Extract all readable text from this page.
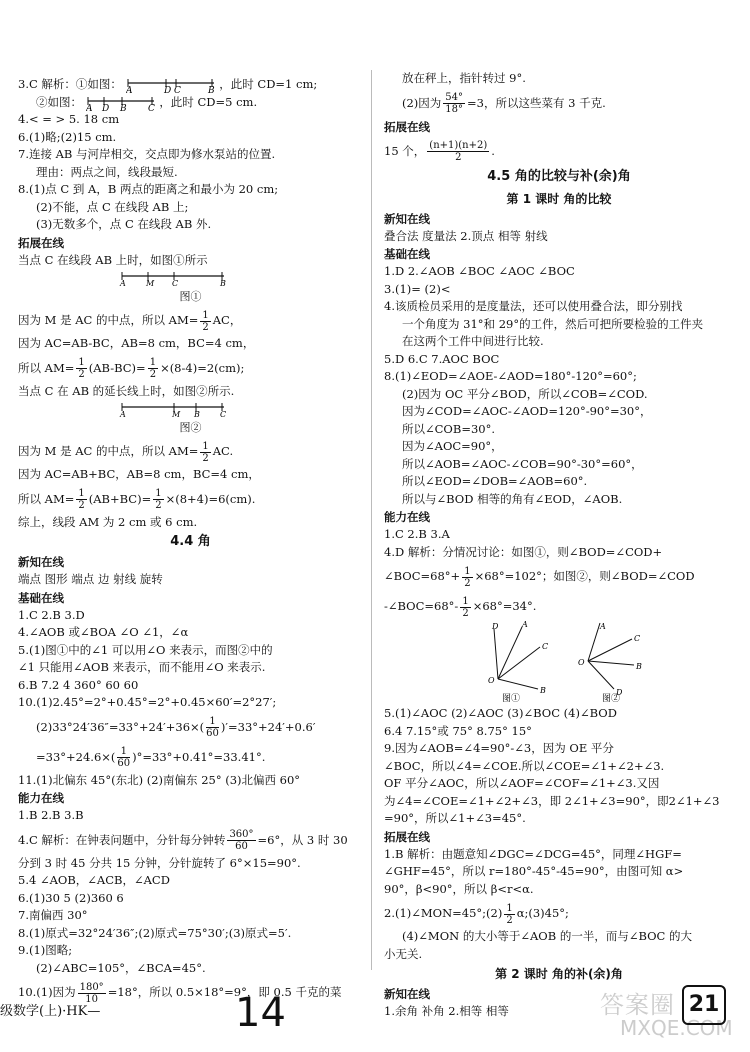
3.C 解析：①如图： A	D C	B ，此时 CD=1 cm;
②如图： A D B C ，此时 CD=5 cm.
4.< = > 5. 18 cm
6.(1)略;(2)15 cm.
7.连接 AB 与河岸相交，交点即为修水泵站的位置.
理由：两点之间，线段最短.
8.(1)点 C 到 A，B 两点的距离之和最小为 20 cm;
(2)不能，点 C 在线段 AB 上;
(3)无数多个，点 C 在线段 AB 外.
拓展在线
当点 C 在线段 AB 上时，如图①所示
A	M C	B
图①
因为 M 是 AC 的中点，所以 $AM= \frac{1}{2}$ AC，
因为 AC=AB-BC，AB=8 cm，BC=4 cm，
所以 $AM= \frac{1}{2} (AB-BC)= \frac{1}{2} \times(8-4)=2(cm)$;
当点 C 在 AB 的延长线上时，如图②所示.
A	M B	C
图②
因为 M 是 AC 的中点，所以 $AM= \frac{1}{2}$ AC.
因为 AC=AB+BC，AB=8 cm，BC=4 cm，
所以 $AM= \frac{1}{2} (AB+BC)= \frac{1}{2} \times(8+4)=6(cm)$.
综上，线段 AM 为 2 cm 或 6 cm.
4.4 角
新知在线
端点 图形 端点 边 射线 旋转
基础在线
1.C 2.B 3.D
4.∠AOB 或∠BOA ∠O ∠1，∠α
5.(1)图①中的∠1 可以用∠O 来表示，而图②中的
∠1 只能用∠AOB 来表示，而不能用∠O 来表示.
6.B 7.2 4 360° 60 60
10.(1)2.45°=2°+0.45°=2°+0.45×60′=2°27′;
$(2)33^\circ 24'36''=33^\circ+24'+36\times( \frac{1}{60} )'=33^\circ+24'+0.6'$
$=33^\circ+24.6\times( \frac{1}{60} )^\circ=33^\circ+0.41^\circ=33.41^\circ$.
11.(1)北偏东 45°(东北) (2)南偏东 25° (3)北偏西 60°
能力在线
1.B 2.B 3.B
4.C 解析：在钟表问题中，分针每分钟转 $\frac{360^\circ}{60} =6^\circ$，从 3 时 30
分到 3 时 45 分共 15 分钟，分针旋转了 6°×15=90°.
5.4 ∠AOB，∠ACB，∠ACD
6.(1)30 5 (2)360 6
7.南偏西 30°
8.(1)原式=32°24′36″;(2)原式=75°30′;(3)原式=5′.
9.(1)图略;
(2)∠ABC=105°，∠BCA=45°.
10.(1)因为 $\frac{180^\circ}{10} =18^\circ$，所以 0.5×18°=9°，即 0.5 千克的菜
放在秤上，指针转过 9°.
(2)因为 $\frac{54^\circ}{18^\circ} =3$，所以这些菜有 3 千克.
拓展在线
15 个， $\frac{(n+1)(n+2)}{2}$ .
4.5 角的比较与补(余)角
第 1 课时 角的比较
新知在线
叠合法 度量法 2.顶点 相等 射线
基础在线
1.D 2.∠AOB ∠BOC ∠AOC ∠BOC
3.(1)= (2)<
4.该质检员采用的是度量法，还可以使用叠合法，即分别找
一个角度为 31°和 29°的工件，然后可把所要检验的工件夹
在这两个工件中间进行比较.
5.D 6.C 7.AOC BOC
8.(1)∠EOD=∠AOE-∠AOD=180°-120°=60°;
(2)因为 OC 平分∠BOD，所以∠COB=∠COD.
因为∠COD=∠AOC-∠AOD=120°-90°=30°，
所以∠COB=30°.
因为∠AOC=90°，
所以∠AOB=∠AOC-∠COB=90°-30°=60°，
所以∠EOD=∠DOB=∠AOB=60°.
所以与∠BOD 相等的角有∠EOD，∠AOB.
能力在线
1.C 2.B 3.A
4.D 解析：分情况讨论：如图①，则∠BOD=∠COD+
∠BOC=68°+ $\frac{1}{2} \times 68^\circ=102^\circ$；如图②，则∠BOD=∠COD
-∠BOC=68°- $\frac{1}{2} \times 68^\circ=34^\circ$.
D	A
C
B
O
图①
A
C
B
D
O
图②
5.(1)∠AOC (2)∠AOC (3)∠BOC (4)∠BOD
6.4 7.15°或 75° 8.75° 15°
9.因为∠AOB=∠4=90°-∠3，因为 OE 平分
∠BOC，所以∠4=∠COE.所以∠COE=∠1+∠2+∠3.
OF 平分∠AOC，所以∠AOF=∠COF=∠1+∠3.又因
为∠4=∠COE=∠1+∠2+∠3，即 2∠1+∠3=90°，即2∠1+∠3
=90°，所以∠1+∠3=45°.
拓展在线
1.B 解析：由题意知∠DGC=∠DCG=45°，同理∠HGF=
∠GHF=45°，所以 r=180°-45°-45=90°，由图可知 α>
90°，β<90°，所以 β<r<α.
2.(1)∠MON=45°;(2) $\frac{1}{2}$ α;(3)45°;
(4)∠MON 的大小等于∠AOB 的一半，而与∠BOC 的大
小无关.
第 2 课时 角的补(余)角
新知在线
1.余角 补角 2.相等 相等
级数学(上)·HK—	14	答案圈
MXQE.COM
21
